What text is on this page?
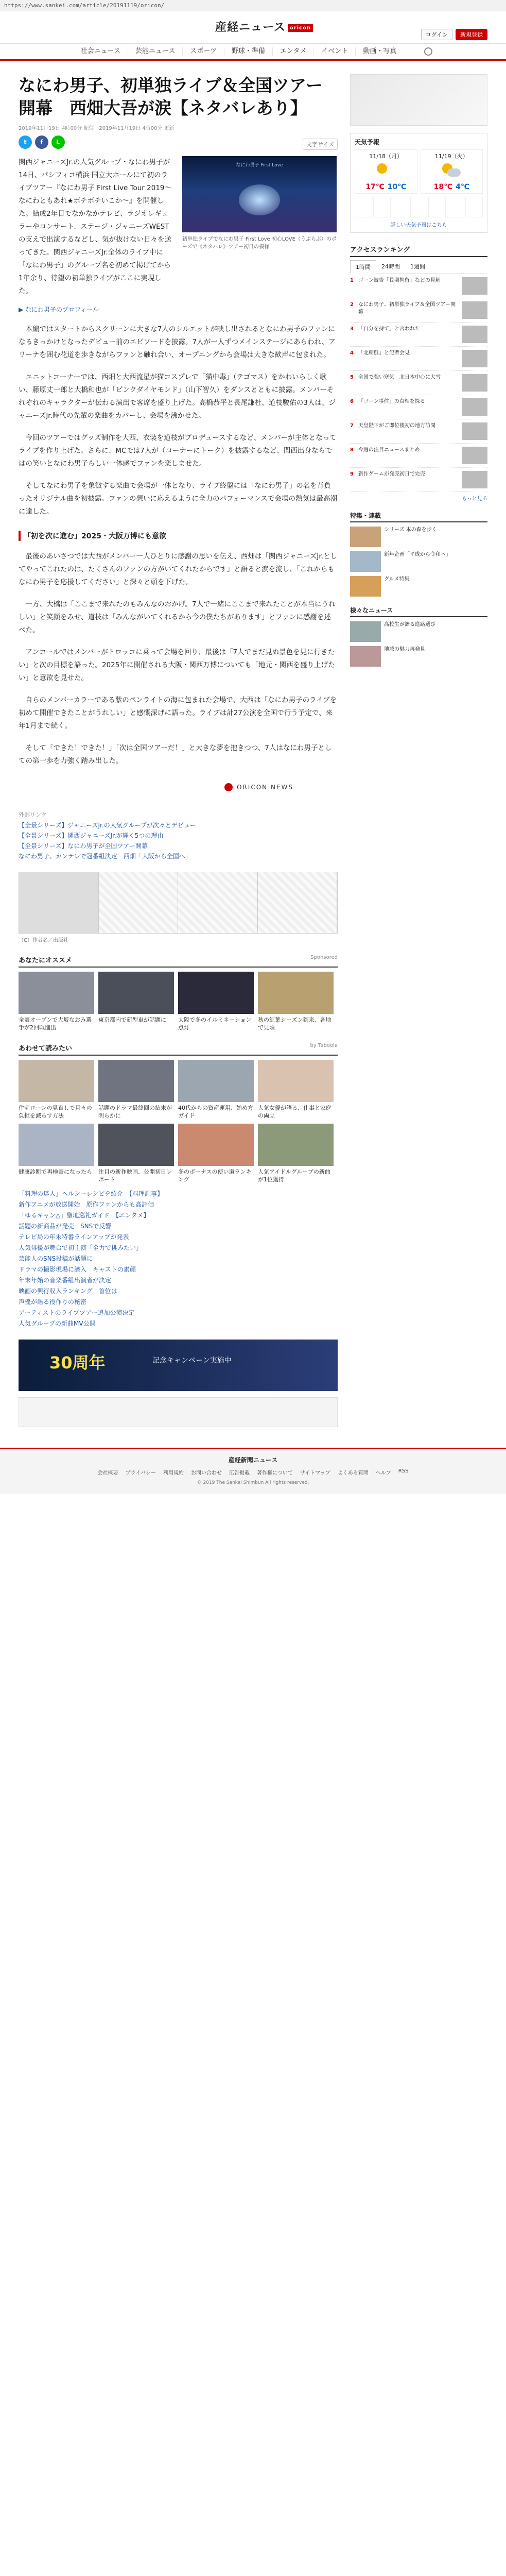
https://www.sankei.com/article/20191119/oricon/
産経ニュース oricon
ログイン	新規登録
社会ニュース	芸能ニュース	スポーツ	野球・準備	エンタメ	イベント	動画・写真
なにわ男子、初単独ライブ＆全国ツアー開幕　西畑大吾が涙【ネタバレあり】
2019年11月19日 4時00分 配信　2019年11月19日 4時00分 更新
t	f	L	文字サイズ

関西ジャニーズJr.の人気グループ・なにわ男子が14日、パシフィコ横浜 国立大ホールにて初のライブツアー『なにわ男子 First Live Tour 2019〜なにわともあれ★ボチボチいこか〜』を開催した。結成2年目でなかなかテレビ、ラジオレギュラーやコンサート、ステージ・ジャニーズWESTの支えで出演するなどし、気が抜けない日々を送ってきた。関西ジャニーズJr.全体のライブ中に「なにわ男子」のグループ名を初めて掲げてから1年余り、待望の初単独ライブがここに実現した。

なにわ男子 First Love
初単独ライブでなにわ男子 First Love 初心LOVE（うぶらぶ）のポーズで《ネタバレ》ツアー初日の模様
▶ なにわ男子のプロフィール

本編ではスタートからスクリーンに大きな7人のシルエットが映し出されるとなにわ男子のファンになるきっかけとなったデビュー前のエピソードを披露。7人が一人ずつメインステージにあらわれ、アリーナを囲む花道を歩きながらファンと触れ合い、オープニングから会場は大きな歓声に包まれた。

ユニットコーナーでは、西畑と大西流星が猫コスプレで「猫中毒」（テゴマス）をかわいらしく歌い、藤原丈一郎と大橋和也が「ピンクダイヤモンド」（山下智久）をダンスとともに披露。メンバーそれぞれのキャラクターが伝わる演出で客席を盛り上げた。高橋恭平と長尾謙杜、道枝駿佑の3人は、ジャニーズJr.時代の先輩の楽曲をカバーし、会場を沸かせた。

今回のツアーではグッズ制作を大西、衣装を道枝がプロデュースするなど、メンバーが主体となってライブを作り上げた。さらに、MCでは7人が（コーナーにトーク）を披露するなど、関西出身ならではの笑いとなにわ男子らしい一体感でファンを楽しませた。

そしてなにわ男子を象徴する楽曲で会場が一体となり、ライブ終盤には「なにわ男子」の名を背負ったオリジナル曲を初披露。ファンの想いに応えるように全力のパフォーマンスで会場の熱気は最高潮に達した。

「初を次に進む」2025・大阪万博にも意欲

最後のあいさつでは大西がメンバー一人ひとりに感謝の思いを伝え、西畑は「関西ジャニーズJr.としてやってこれたのは、たくさんのファンの方がいてくれたからです」と語ると涙を流し、「これからもなにわ男子を応援してください」と深々と頭を下げた。

一方、大橋は「ここまで来れたのもみんなのおかげ。7人で一緒にここまで来れたことが本当にうれしい」と笑顔をみせ、道枝は「みんながいてくれるから今の僕たちがあります」とファンに感謝を述べた。

アンコールではメンバーがトロッコに乗って会場を回り、最後は「7人でまだ見ぬ景色を見に行きたい」と次の目標を語った。2025年に開催される大阪・関西万博についても「地元・関西を盛り上げたい」と意欲を見せた。

自らのメンバーカラーである紫のペンライトの海に包まれた会場で、大西は「なにわ男子のライブを初めて開催できたことがうれしい」と感慨深げに語った。ライブは計27公演を全国で行う予定で、来年1月まで続く。

そして「できた！できた！」「次は全国ツアーだ！」と大きな夢を抱きつつ、7人はなにわ男子としての第一歩を力強く踏み出した。

ORICON NEWS
外部リンク
【全景シリーズ】ジャニーズJr.の人気グループが次々とデビュー
【全景シリーズ】関西ジャニーズJr.が輝く5つの理由
【全景シリーズ】なにわ男子が全国ツアー開幕
なにわ男子、カンテレで冠番組決定　西畑「大阪から全国へ」
（C）作者名／出版社
あなたにオススメ	Sponsored
全豪オープンで大坂なおみ選手が2回戦進出
東京都内で新型車が話題に	大阪で冬のイルミネーション点灯
秋の紅葉シーズン到来、各地で見頃
あわせて読みたい	by Taboola
住宅ローンの見直しで月々の負担を減らす方法
話題のドラマ最終回の結末が明らかに
40代からの資産運用、始め方ガイド
人気女優が語る、仕事と家庭の両立
健康診断で再検査になったら	注目の新作映画、公開初日レポート
冬のボーナスの使い道ランキング
人気アイドルグループの新曲が1位獲得
「料理の達人」ヘルシーレシピを紹介　【料理記事】
新作アニメが放送開始　原作ファンからも高評価
「ゆるキャン△」聖地巡礼ガイド　【エンタメ】
話題の新商品が発売　SNSで反響
テレビ局の年末特番ラインアップが発表
人気俳優が舞台で初主演「全力で挑みたい」
芸能人のSNS投稿が話題に
ドラマの撮影現場に潜入　キャストの素顔
年末年始の音楽番組出演者が決定
映画の興行収入ランキング　首位は
声優が語る役作りの秘密
アーティストのライブツアー追加公演決定
人気グループの新曲MV公開
30周年	記念キャンペーン実施中
天気予報
11/18（月）
17℃ 10℃
11/19（火）
18℃ 4℃
詳しい天気予報はこちら
アクセスランキング
1時間	24時間	1週間
1 ゴーン被告「長期拘留」などの見解
2 なにわ男子、初単独ライブ＆全国ツアー開幕
3 「自分を持て」と言われた
4 「北朝鮮」と記者会見
5 全国で強い寒気　北日本中心に大雪
6 「ゴーン事件」の真相を探る
7 天皇陛下がご即位後初の地方訪問
8 今週の注目ニュースまとめ
9 新作ゲームが発売初日で完売
もっと見る
特集・連載
シリーズ 本の森を歩く
新年企画「平成から令和へ」
グルメ特集
様々なニュース
高校生が語る進路選び
地域の魅力再発見
産経新聞ニュース
会社概要 プライバシー 利用規約 お問い合わせ 広告掲載 著作権について サイトマップ よくある質問 ヘルプ RSS
© 2019 The Sankei Shimbun All rights reserved.
